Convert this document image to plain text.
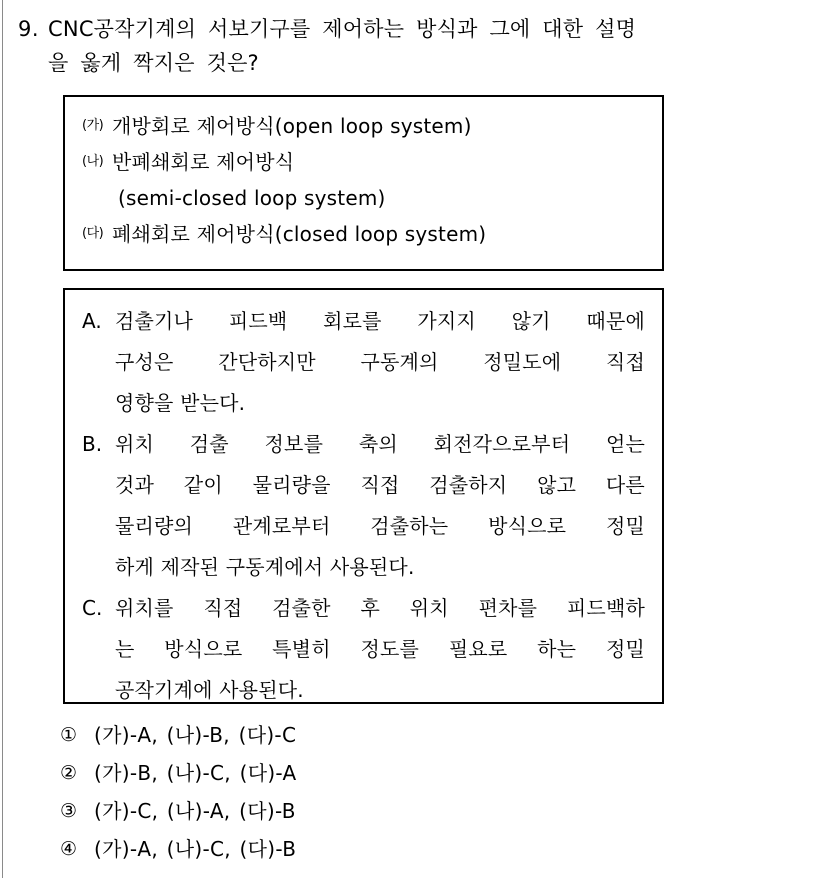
9. CNC공작기계의 서보기구를 제어하는 방식과 그에 대한 설명
을 옳게 짝지은 것은?
(가) 개방회로 제어방식(open loop system)
(나) 반폐쇄회로 제어방식
(semi-closed loop system)
(다) 폐쇄회로 제어방식(closed loop system)
A. 검출기나 피드백 회로를 가지지 않기 때문에
구성은 간단하지만 구동계의 정밀도에 직접
영향을 받는다.
B. 위치 검출 정보를 축의 회전각으로부터 얻는
것과 같이 물리량을 직접 검출하지 않고 다른
물리량의 관계로부터 검출하는 방식으로 정밀
하게 제작된 구동계에서 사용된다.
C. 위치를 직접 검출한 후 위치 편차를 피드백하
는 방식으로 특별히 정도를 필요로 하는 정밀
공작기계에 사용된다.
① (가)-A, (나)-B, (다)-C
② (가)-B, (나)-C, (다)-A
③ (가)-C, (나)-A, (다)-B
④ (가)-A, (나)-C, (다)-B
